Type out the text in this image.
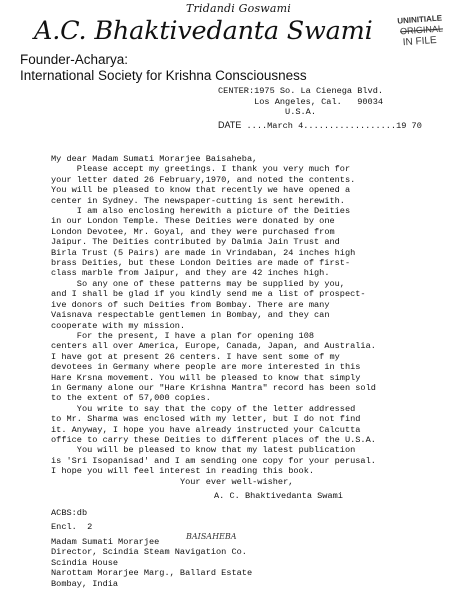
Tridandi Goswami
A.C. Bhaktivedanta Swami	UNINITIALE
ORIGINAL
IN FILE
Founder-Acharya:
International Society for Krishna Consciousness
CENTER:1975 So. La Cienega Blvd.
Los Angeles, Cal.   90034
U.S.A.
DATE ....March 4..................19 70

My dear Madam Sumati Morarjee Baisaheba,
Please accept my greetings. I thank you very much for
your letter dated 26 February,1970, and noted the contents.
You will be pleased to know that recently we have opened a
center in Sydney. The newspaper-cutting is sent herewith.

I am also enclosing herewith a picture of the Deities
in our London Temple. These Deities were donated by one
London Devotee, Mr. Goyal, and they were purchased from
Jaipur. The Deities contributed by Dalmia Jain Trust and
Birla Trust (5 Pairs) are made in Vrindaban, 24 inches high
brass Deities, but these London Deities are made of first-
class marble from Jaipur, and they are 42 inches high.

So any one of these patterns may be supplied by you,
and I shall be glad if you kindly send me a list of prospect-
ive donors of such Deities from Bombay. There are many
Vaisnava respectable gentlemen in Bombay, and they can
cooperate with my mission.

For the present, I have a plan for opening 108
centers all over America, Europe, Canada, Japan, and Australia.
I have got at present 26 centers. I have sent some of my
devotees in Germany where people are more interested in this
Hare Krsna movement. You will be pleased to know that simply
in Germany alone our "Hare Krishna Mantra" record has been sold
to the extent of 57,000 copies.

You write to say that the copy of the letter addressed
to Mr. Sharma was enclosed with my letter, but I do not find
it. Anyway, I hope you have already instructed your Calcutta
office to carry these Deities to different places of the U.S.A.

You will be pleased to know that my latest publication
is 'Sri Isopanisad' and I am sending one copy for your perusal.
I hope you will feel interest in reading this book.

Your ever well-wisher,

A. C. Bhaktivedanta Swami
ACBS:db
Encl.  2

Madam Sumati Morarjee

Director, Scindia Steam Navigation Co.

Scindia House

Narottam Morarjee Marg., Ballard Estate

Bombay, India

BAISAHEBA
